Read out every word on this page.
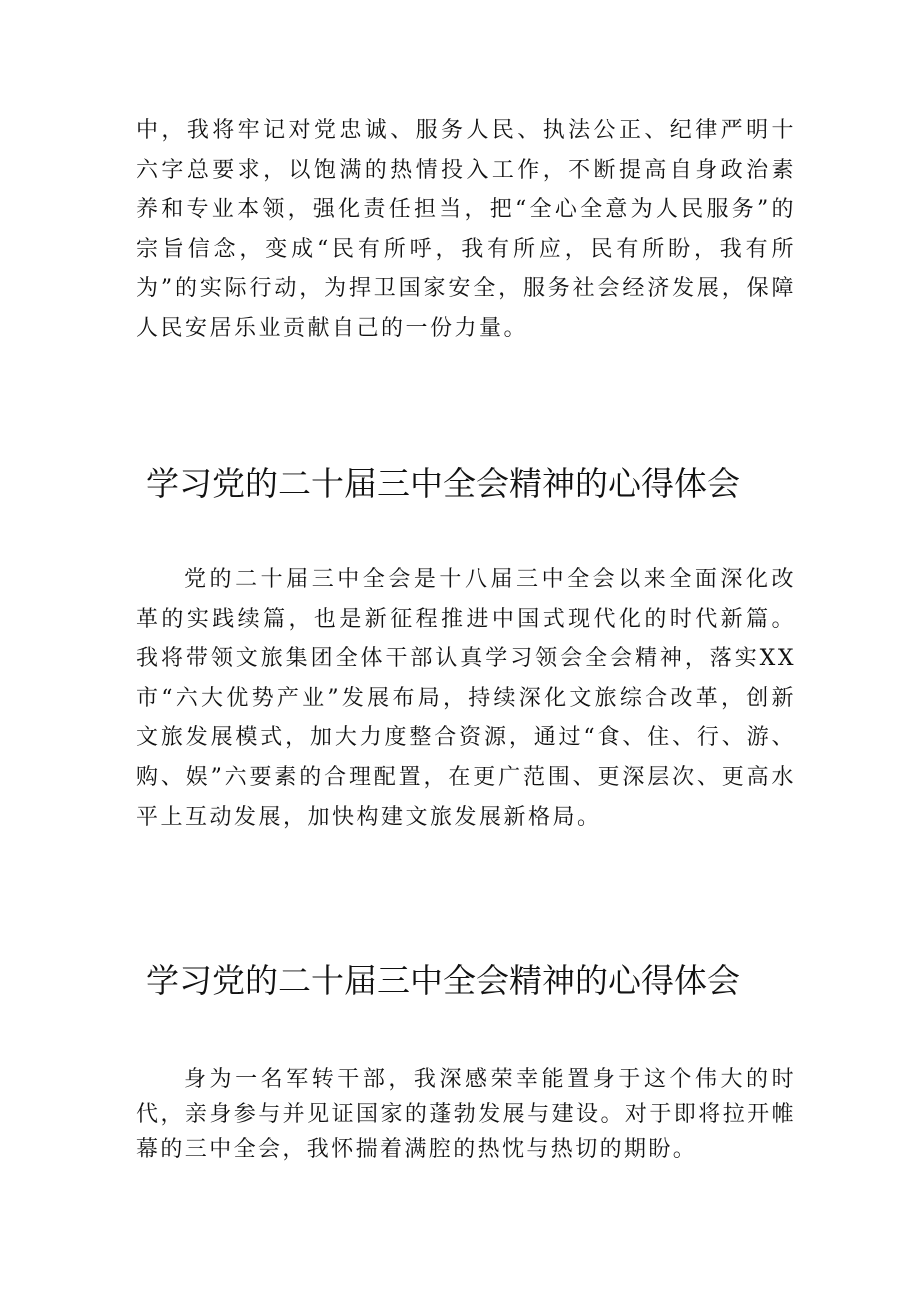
中，我将牢记对党忠诚、服务人民、执法公正、纪律严明十六字总要求，以饱满的热情投入工作，不断提高自身政治素养和专业本领，强化责任担当，把“全心全意为人民服务”的宗旨信念，变成“民有所呼，我有所应，民有所盼，我有所为”的实际行动，为捍卫国家安全，服务社会经济发展，保障人民安居乐业贡献自己的一份力量。

学习党的二十届三中全会精神的心得体会

党的二十届三中全会是十八届三中全会以来全面深化改革的实践续篇，也是新征程推进中国式现代化的时代新篇。我将带领文旅集团全体干部认真学习领会全会精神，落实XX市“六大优势产业”发展布局，持续深化文旅综合改革，创新文旅发展模式，加大力度整合资源，通过“食、住、行、游、购、娱”六要素的合理配置，在更广范围、更深层次、更高水平上互动发展，加快构建文旅发展新格局。

学习党的二十届三中全会精神的心得体会

身为一名军转干部，我深感荣幸能置身于这个伟大的时代，亲身参与并见证国家的蓬勃发展与建设。对于即将拉开帷幕的三中全会，我怀揣着满腔的热忱与热切的期盼。
